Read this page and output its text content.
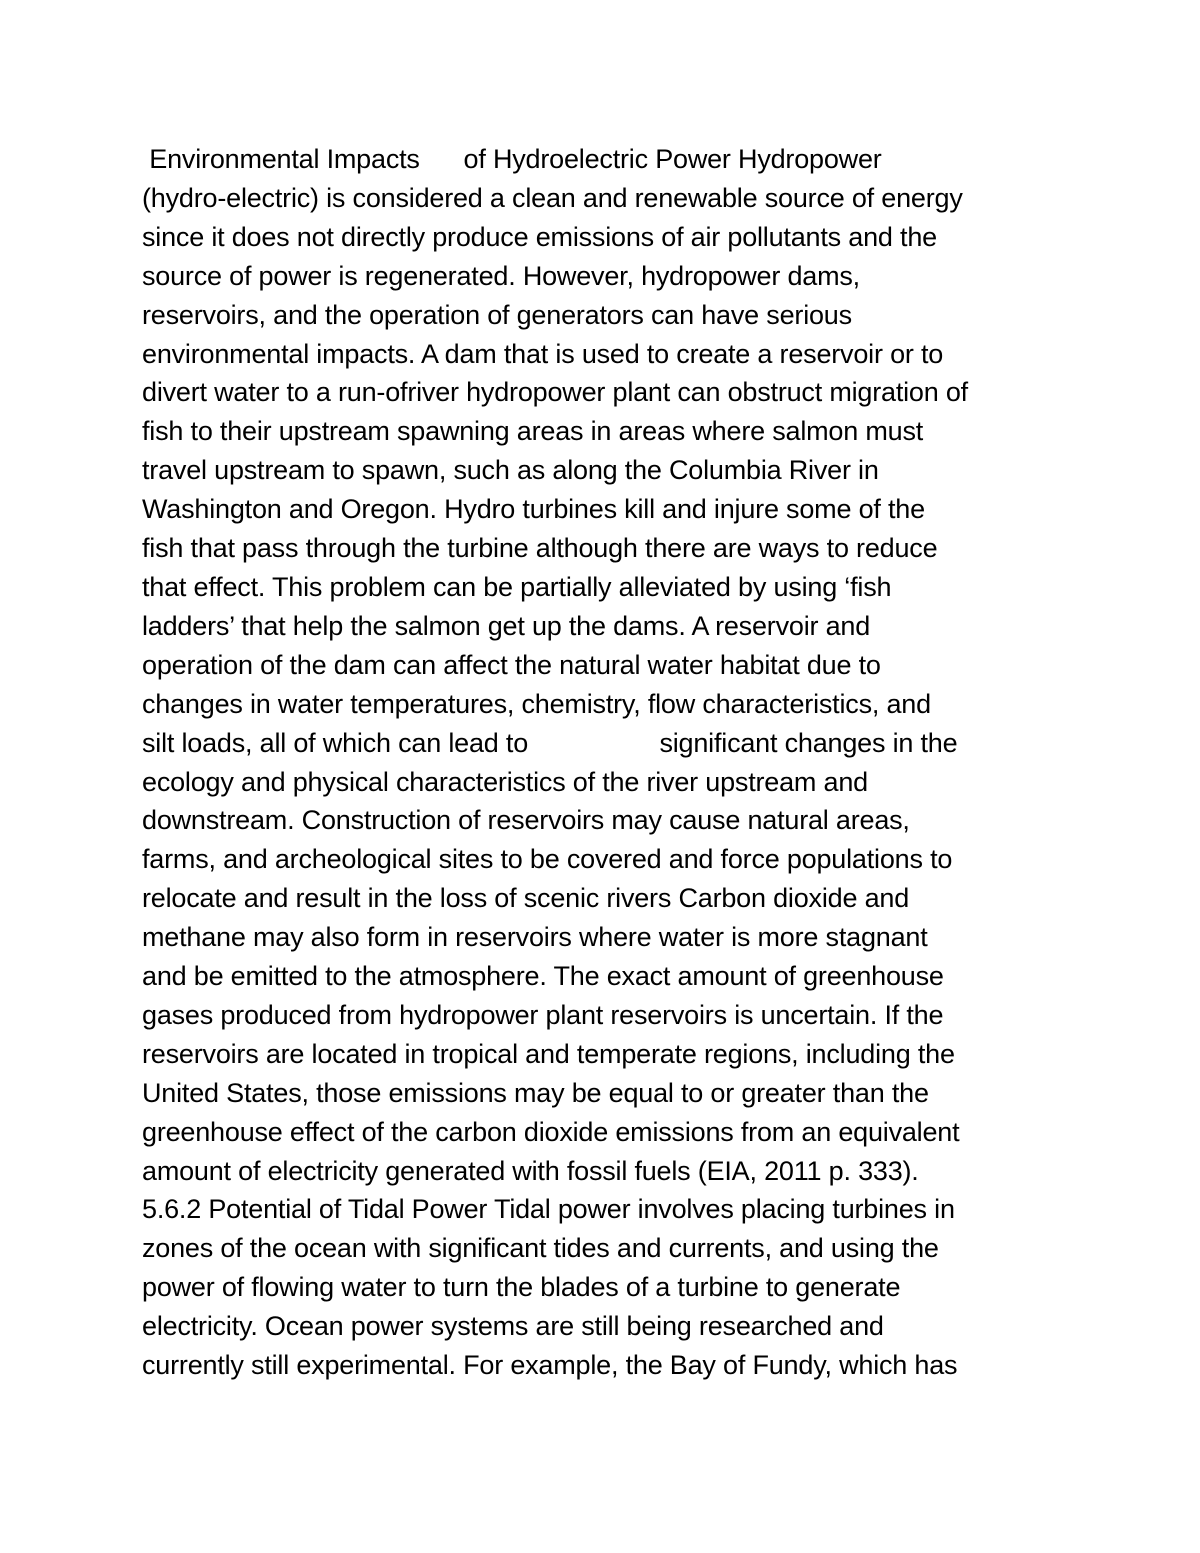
Environmental Impacts      of Hydroelectric Power Hydropower
(hydro-electric) is considered a clean and renewable source of energy
since it does not directly produce emissions of air pollutants and the
source of power is regenerated. However, hydropower dams,
reservoirs, and the operation of generators can have serious
environmental impacts. A dam that is used to create a reservoir or to
divert water to a run-ofriver hydropower plant can obstruct migration of
fish to their upstream spawning areas in areas where salmon must
travel upstream to spawn, such as along the Columbia River in
Washington and Oregon. Hydro turbines kill and injure some of the
fish that pass through the turbine although there are ways to reduce
that effect. This problem can be partially alleviated by using ‘fish
ladders’ that help the salmon get up the dams. A reservoir and
operation of the dam can affect the natural water habitat due to
changes in water temperatures, chemistry, flow characteristics, and
silt loads, all of which can lead to                  significant changes in the
ecology and physical characteristics of the river upstream and
downstream. Construction of reservoirs may cause natural areas,
farms, and archeological sites to be covered and force populations to
relocate and result in the loss of scenic rivers Carbon dioxide and
methane may also form in reservoirs where water is more stagnant
and be emitted to the atmosphere. The exact amount of greenhouse
gases produced from hydropower plant reservoirs is uncertain. If the
reservoirs are located in tropical and temperate regions, including the
United States, those emissions may be equal to or greater than the
greenhouse effect of the carbon dioxide emissions from an equivalent
amount of electricity generated with fossil fuels (EIA, 2011 p. 333).
5.6.2 Potential of Tidal Power Tidal power involves placing turbines in
zones of the ocean with significant tides and currents, and using the
power of flowing water to turn the blades of a turbine to generate
electricity. Ocean power systems are still being researched and
currently still experimental. For example, the Bay of Fundy, which has
